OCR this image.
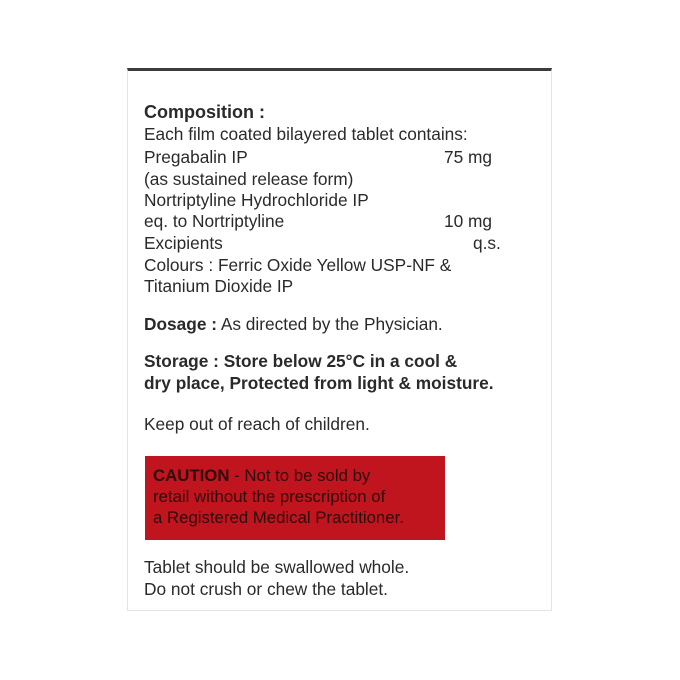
Composition :
Each film coated bilayered tablet contains:
Pregabalin IP	75 mg
(as sustained release form)
Nortriptyline Hydrochloride IP
eq. to Nortriptyline	10 mg
Excipients	q.s.
Colours : Ferric Oxide Yellow USP-NF &
Titanium Dioxide IP
Dosage : As directed by the Physician.
Storage : Store below 25°C in a cool &
dry place, Protected from light & moisture.
Keep out of reach of children.
CAUTION - Not to be sold by
retail without the prescription of
a Registered Medical Practitioner.
Tablet should be swallowed whole.
Do not crush or chew the tablet.
